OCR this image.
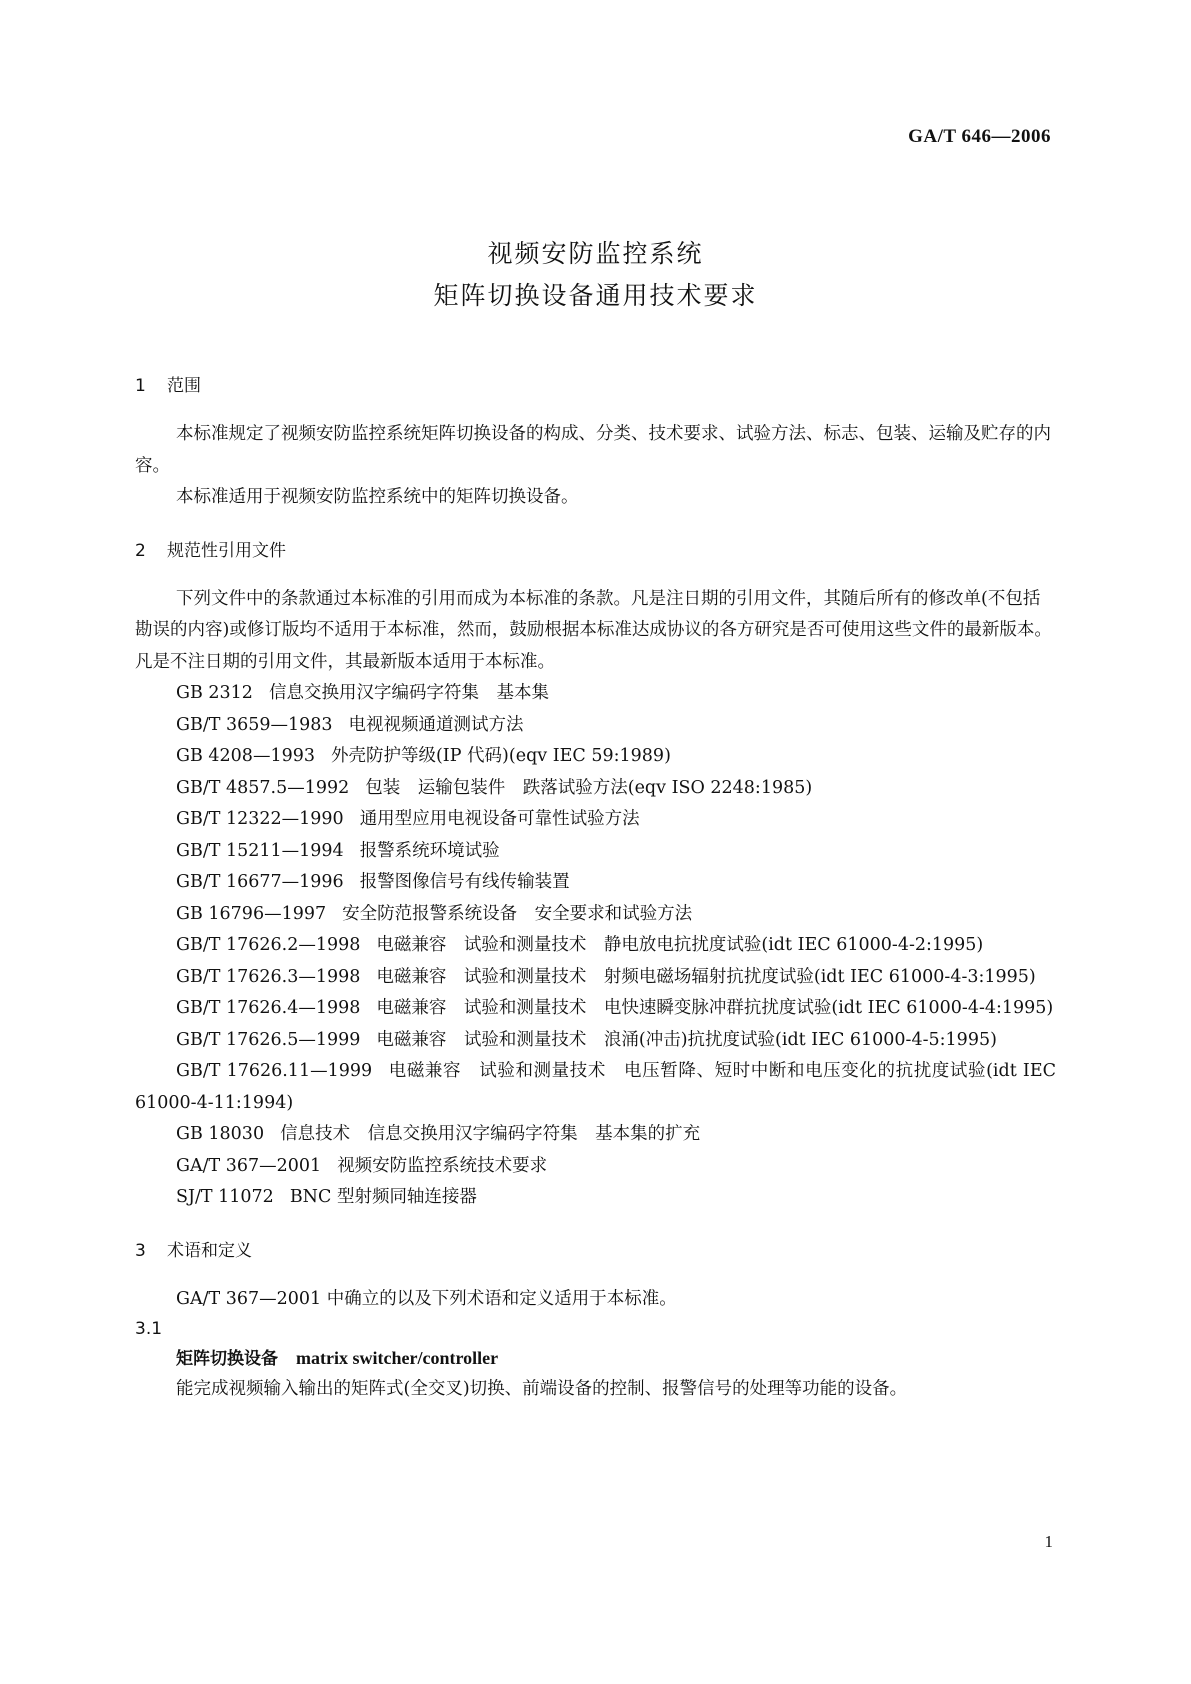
GA/T 646—2006
视频安防监控系统
矩阵切换设备通用技术要求
1 范围

本标准规定了视频安防监控系统矩阵切换设备的构成、分类、技术要求、试验方法、标志、包装、运输及贮存的内容。

本标准适用于视频安防监控系统中的矩阵切换设备。

2 规范性引用文件

下列文件中的条款通过本标准的引用而成为本标准的条款。凡是注日期的引用文件，其随后所有的修改单(不包括勘误的内容)或修订版均不适用于本标准，然而，鼓励根据本标准达成协议的各方研究是否可使用这些文件的最新版本。凡是不注日期的引用文件，其最新版本适用于本标准。

GB 2312 信息交换用汉字编码字符集　基本集
GB/T 3659—1983 电视视频通道测试方法
GB 4208—1993 外壳防护等级(IP 代码)(eqv IEC 59:1989)
GB/T 4857.5—1992 包装　运输包装件　跌落试验方法(eqv ISO 2248:1985)
GB/T 12322—1990 通用型应用电视设备可靠性试验方法
GB/T 15211—1994 报警系统环境试验
GB/T 16677—1996 报警图像信号有线传输装置
GB 16796—1997 安全防范报警系统设备　安全要求和试验方法
GB/T 17626.2—1998 电磁兼容　试验和测量技术　静电放电抗扰度试验(idt IEC 61000-4-2:1995)
GB/T 17626.3—1998 电磁兼容　试验和测量技术　射频电磁场辐射抗扰度试验(idt IEC 61000-4-3:1995)
GB/T 17626.4—1998 电磁兼容　试验和测量技术　电快速瞬变脉冲群抗扰度试验(idt IEC 61000-4-4:1995)
GB/T 17626.5—1999 电磁兼容　试验和测量技术　浪涌(冲击)抗扰度试验(idt IEC 61000-4-5:1995)
GB/T 17626.11—1999 电磁兼容　试验和测量技术　电压暂降、短时中断和电压变化的抗扰度试验(idt IEC 61000-4-11:1994)
GB 18030 信息技术　信息交换用汉字编码字符集　基本集的扩充
GA/T 367—2001 视频安防监控系统技术要求
SJ/T 11072 BNC 型射频同轴连接器
3 术语和定义

GA/T 367—2001 中确立的以及下列术语和定义适用于本标准。

3.1
矩阵切换设备 matrix switcher/controller

能完成视频输入输出的矩阵式(全交叉)切换、前端设备的控制、报警信号的处理等功能的设备。

1
